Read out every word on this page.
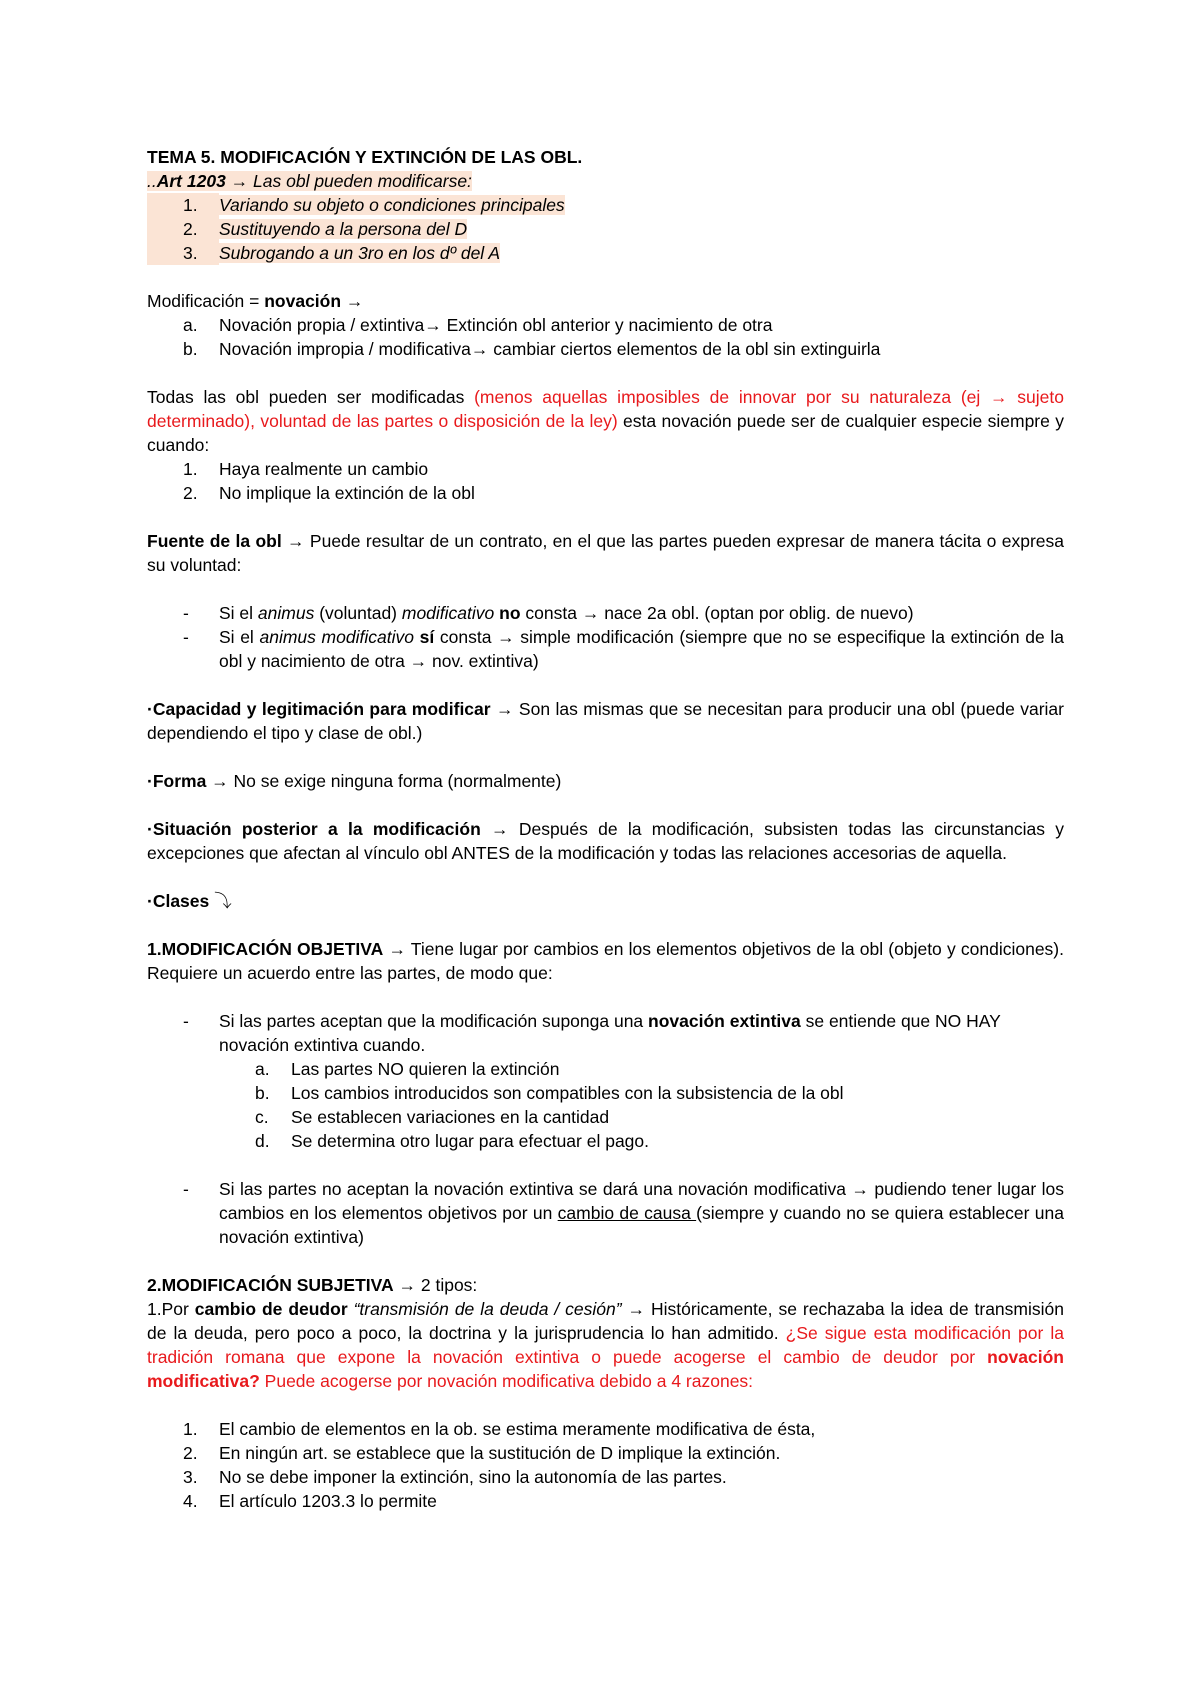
TEMA 5. MODIFICACIÓN Y EXTINCIÓN DE LAS OBL.

..Art 1203 → Las obl pueden modificarse:

1.	Variando su objeto o condiciones principales
2.	Sustituyendo a la persona del D
3.	Subrogando a un 3ro en los dº del A

Modificación = novación →

a.	Novación propia / extintiva→ Extinción obl anterior y nacimiento de otra
b.	Novación impropia / modificativa→ cambiar ciertos elementos de la obl sin extinguirla

Todas las obl pueden ser modificadas (menos aquellas imposibles de innovar por su naturaleza (ej → sujeto determinado), voluntad de las partes o disposición de la ley) esta novación puede ser de cualquier especie siempre y cuando:

1.	Haya realmente un cambio
2.	No implique la extinción de la obl

Fuente de la obl → Puede resultar de un contrato, en el que las partes pueden expresar de manera tácita o expresa su voluntad:

-	Si el animus (voluntad) modificativo no consta → nace 2a obl. (optan por oblig. de nuevo)
-	Si el animus modificativo sí consta → simple modificación (siempre que no se especifique la extinción de la obl y nacimiento de otra → nov. extintiva)

·Capacidad y legitimación para modificar → Son las mismas que se necesitan para producir una obl (puede variar dependiendo el tipo y clase de obl.)

·Forma → No se exige ninguna forma (normalmente)

·Situación posterior a la modificación → Después de la modificación, subsisten todas las circunstancias y excepciones que afectan al vínculo obl ANTES de la modificación y todas las relaciones accesorias de aquella.

·Clases ⤵

1.MODIFICACIÓN OBJETIVA → Tiene lugar por cambios en los elementos objetivos de la obl (objeto y condiciones). Requiere un acuerdo entre las partes, de modo que:

-	Si las partes aceptan que la modificación suponga una novación extintiva se entiende que NO HAY novación extintiva cuando.
a.	Las partes NO quieren la extinción
b.	Los cambios introducidos son compatibles con la subsistencia de la obl
c.	Se establecen variaciones en la cantidad
d.	Se determina otro lugar para efectuar el pago.
-	Si las partes no aceptan la novación extintiva se dará una novación modificativa → pudiendo tener lugar los cambios en los elementos objetivos por un cambio de causa (siempre y cuando no se quiera establecer una novación extintiva)

2.MODIFICACIÓN SUBJETIVA → 2 tipos:

1.Por cambio de deudor “transmisión de la deuda / cesión” → Históricamente, se rechazaba la idea de transmisión de la deuda, pero poco a poco, la doctrina y la jurisprudencia lo han admitido. ¿Se sigue esta modificación por la tradición romana que expone la novación extintiva o puede acogerse el cambio de deudor por novación modificativa? Puede acogerse por novación modificativa debido a 4 razones:

1.	El cambio de elementos en la ob. se estima meramente modificativa de ésta,
2.	En ningún art. se establece que la sustitución de D implique la extinción.
3.	No se debe imponer la extinción, sino la autonomía de las partes.
4.	El artículo 1203.3 lo permite
